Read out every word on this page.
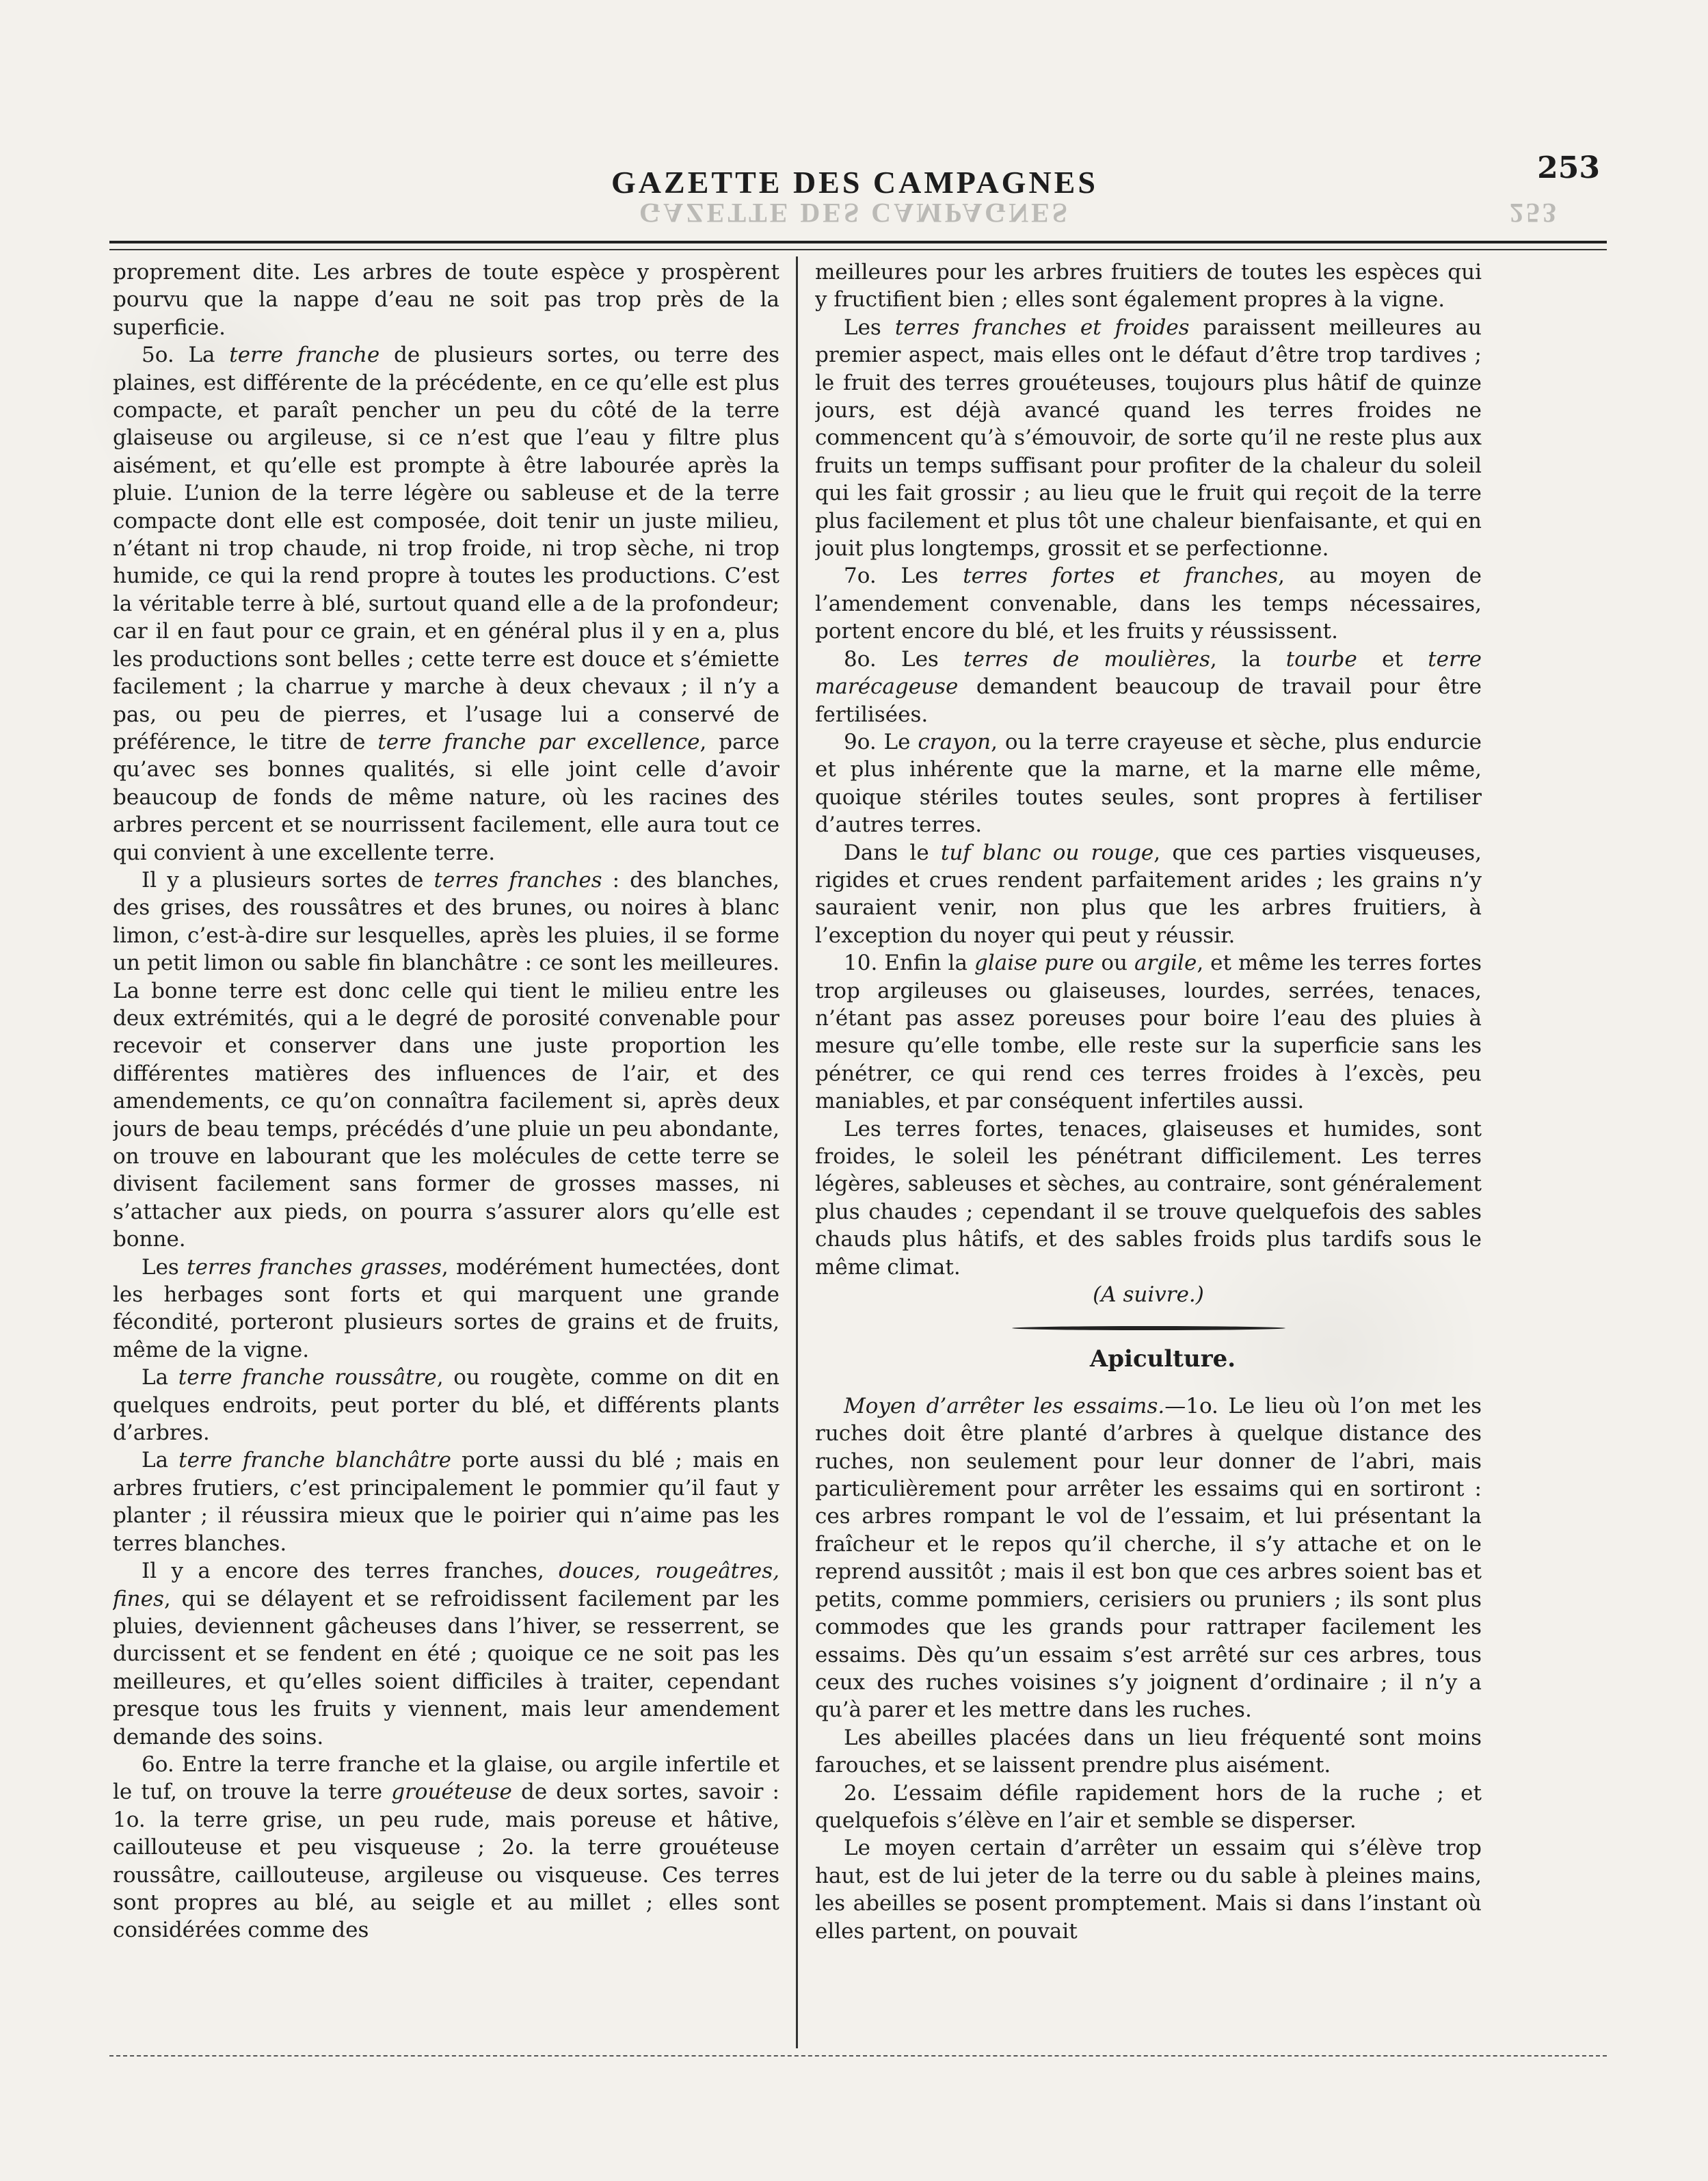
GAZETTE DES CAMPAGNES
GAZETTE DES CAMPAGNES
253
253

proprement dite. Les arbres de toute espèce y prospèrent pourvu que la nappe d’eau ne soit pas trop près de la superficie.

5o. La terre franche de plusieurs sortes, ou terre des plaines, est différente de la précédente, en ce qu’elle est plus compacte, et paraît pencher un peu du côté de la terre glaiseuse ou argileuse, si ce n’est que l’eau y filtre plus aisément, et qu’elle est prompte à être labourée après la pluie. L’union de la terre légère ou sableuse et de la terre compacte dont elle est composée, doit tenir un juste milieu, n’étant ni trop chaude, ni trop froide, ni trop sèche, ni trop humide, ce qui la rend propre à toutes les productions. C’est la véritable terre à blé, surtout quand elle a de la profondeur; car il en faut pour ce grain, et en général plus il y en a, plus les productions sont belles ; cette terre est douce et s’émiette facilement ; la charrue y marche à deux chevaux ; il n’y a pas, ou peu de pierres, et l’usage lui a conservé de préférence, le titre de terre franche par excellence, parce qu’avec ses bonnes qualités, si elle joint celle d’avoir beaucoup de fonds de même nature, où les racines des arbres percent et se nourrissent facilement, elle aura tout ce qui convient à une excellente terre.

Il y a plusieurs sortes de terres franches : des blanches, des grises, des roussâtres et des brunes, ou noires à blanc limon, c’est-à-dire sur lesquelles, après les pluies, il se forme un petit limon ou sable fin blanchâtre : ce sont les meilleures. La bonne terre est donc celle qui tient le milieu entre les deux extrémités, qui a le degré de porosité convenable pour recevoir et conserver dans une juste proportion les différentes matières des influences de l’air, et des amendements, ce qu’on connaîtra facilement si, après deux jours de beau temps, précédés d’une pluie un peu abondante, on trouve en labourant que les molécules de cette terre se divisent facilement sans former de grosses masses, ni s’attacher aux pieds, on pourra s’assurer alors qu’elle est bonne.

Les terres franches grasses, modérément humectées, dont les herbages sont forts et qui marquent une grande fécondité, porteront plusieurs sortes de grains et de fruits, même de la vigne.

La terre franche roussâtre, ou rougète, comme on dit en quelques endroits, peut porter du blé, et différents plants d’arbres.

La terre franche blanchâtre porte aussi du blé ; mais en arbres frutiers, c’est principalement le pommier qu’il faut y planter ; il réussira mieux que le poirier qui n’aime pas les terres blanches.

Il y a encore des terres franches, douces, rougeâtres, fines, qui se délayent et se refroidissent facilement par les pluies, deviennent gâcheuses dans l’hiver, se resserrent, se durcissent et se fendent en été ; quoique ce ne soit pas les meilleures, et qu’elles soient difficiles à traiter, cependant presque tous les fruits y viennent, mais leur amendement demande des soins.

6o. Entre la terre franche et la glaise, ou argile infertile et le tuf, on trouve la terre grouéteuse de deux sortes, savoir : 1o. la terre grise, un peu rude, mais poreuse et hâtive, caillouteuse et peu visqueuse ; 2o. la terre grouéteuse roussâtre, caillouteuse, argileuse ou visqueuse. Ces terres sont propres au blé, au seigle et au millet ; elles sont considérées comme des

meilleures pour les arbres fruitiers de toutes les espèces qui y fructifient bien ; elles sont également propres à la vigne.

Les terres franches et froides paraissent meilleures au premier aspect, mais elles ont le défaut d’être trop tardives ; le fruit des terres grouéteuses, toujours plus hâtif de quinze jours, est déjà avancé quand les terres froides ne commencent qu’à s’émouvoir, de sorte qu’il ne reste plus aux fruits un temps suffisant pour profiter de la chaleur du soleil qui les fait grossir ; au lieu que le fruit qui reçoit de la terre plus facilement et plus tôt une chaleur bienfaisante, et qui en jouit plus longtemps, grossit et se perfectionne.

7o. Les terres fortes et franches, au moyen de l’amendement convenable, dans les temps nécessaires, portent encore du blé, et les fruits y réussissent.

8o. Les terres de moulières, la tourbe et terre marécageuse demandent beaucoup de travail pour être fertilisées.

9o. Le crayon, ou la terre crayeuse et sèche, plus endurcie et plus inhérente que la marne, et la marne elle même, quoique stériles toutes seules, sont propres à fertiliser d’autres terres.

Dans le tuf blanc ou rouge, que ces parties visqueuses, rigides et crues rendent parfaitement arides ; les grains n’y sauraient venir, non plus que les arbres fruitiers, à l’exception du noyer qui peut y réussir.

10. Enfin la glaise pure ou argile, et même les terres fortes trop argileuses ou glaiseuses, lourdes, serrées, tenaces, n’étant pas assez poreuses pour boire l’eau des pluies à mesure qu’elle tombe, elle reste sur la superficie sans les pénétrer, ce qui rend ces terres froides à l’excès, peu maniables, et par conséquent infertiles aussi.

Les terres fortes, tenaces, glaiseuses et humides, sont froides, le soleil les pénétrant difficilement. Les terres légères, sableuses et sèches, au contraire, sont généralement plus chaudes ; cependant il se trouve quelquefois des sables chauds plus hâtifs, et des sables froids plus tardifs sous le même climat.

(A suivre.)

Apiculture.

Moyen d’arrêter les essaims.—1o. Le lieu où l’on met les ruches doit être planté d’arbres à quelque distance des ruches, non seulement pour leur donner de l’abri, mais particulièrement pour arrêter les essaims qui en sortiront : ces arbres rompant le vol de l’essaim, et lui présentant la fraîcheur et le repos qu’il cherche, il s’y attache et on le reprend aussitôt ; mais il est bon que ces arbres soient bas et petits, comme pommiers, cerisiers ou pruniers ; ils sont plus commodes que les grands pour rattraper facilement les essaims. Dès qu’un essaim s’est arrêté sur ces arbres, tous ceux des ruches voisines s’y joignent d’ordinaire ; il n’y a qu’à parer et les mettre dans les ruches.

Les abeilles placées dans un lieu fréquenté sont moins farouches, et se laissent prendre plus aisément.

2o. L’essaim défile rapidement hors de la ruche ; et quelquefois s’élève en l’air et semble se disperser.

Le moyen certain d’arrêter un essaim qui s’élève trop haut, est de lui jeter de la terre ou du sable à pleines mains, les abeilles se posent promptement. Mais si dans l’instant où elles partent, on pouvait
